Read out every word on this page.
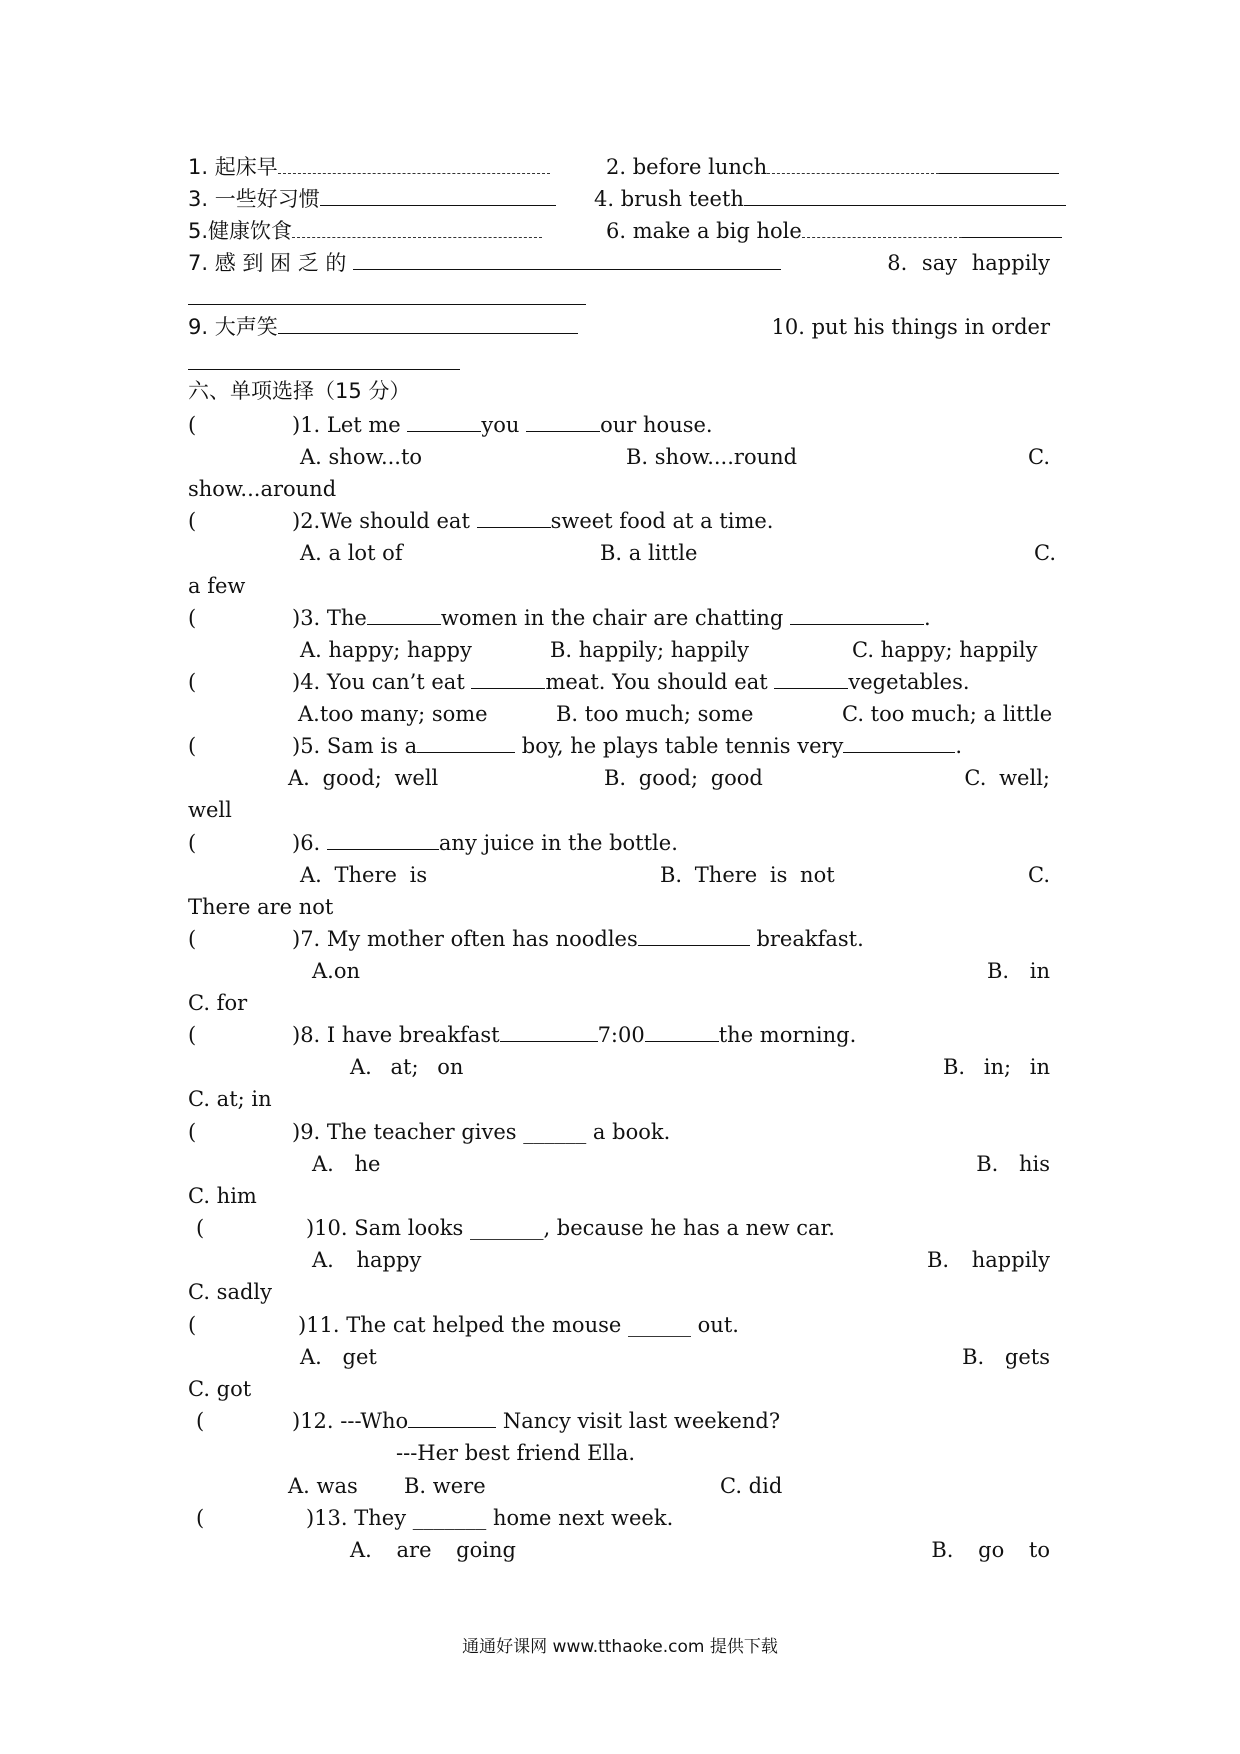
1. 起床早	2. before lunch
3. 一些好习惯	4. brush teeth
5.健康饮食	6. make a big hole
7. 感 到 困 乏 的	8. say happily
9. 大声笑	10. put his things in order
六、单项选择（15 分）
(	)1. Let me	you	our house.
A. show...to	B. show....round	C.
show...around
(	)2.We should eat	sweet food at a time.
A. a lot of	B. a little	C.
a few
(	)3. The	women in the chair are chatting	.
A. happy; happy	B. happily; happily	C. happy; happily
(	)4. You can’t eat	meat. You should eat	vegetables.
A.too many; some	B. too much; some	C. too much; a little
(	)5. Sam is a	boy, he plays table tennis very	.
A. good; well	B. good; good	C. well;
well
(	)6.	any juice in the bottle.
A. There is	B. There is not	C.
There are not
(	)7. My mother often has noodles	breakfast.
A.on	B. in
C. for
(	)8. I have breakfast	7:00	the morning.
A. at; on	B. in; in
C. at; in
(	)9. The teacher gives ______ a book.
A. he	B. his
C. him
(	)10. Sam looks _______, because he has a new car.
A. happy	B. happily
C. sadly
(	)11. The cat helped the mouse ______ out.
A. get	B. gets
C. got
(	)12. ---Who	Nancy visit last weekend?
---Her best friend Ella.
A. was B. were	C. did
(	)13. They _______ home next week.
A. are going	B. go to
通通好课网 www.tthaoke.com 提供下载
